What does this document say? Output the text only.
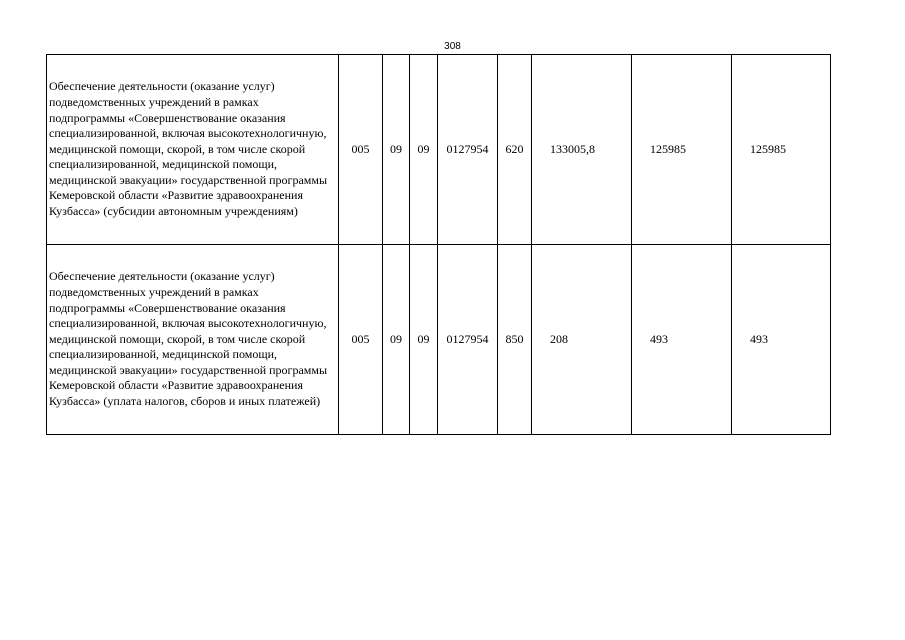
308
Обеспечение деятельности (оказание услуг) подведомственных учреждений в рамках подпрограммы «Совершенствование оказания специализированной, включая высокотехнологичную, медицинской помощи, скорой, в том числе скорой специализированной, медицинской помощи, медицинской эвакуации» государственной программы Кемеровской области «Развитие здравоохранения Кузбасса» (субсидии автономным учреждениям)	005	09	09	0127954	620	133005,8	125985	125985

Обеспечение деятельности (оказание услуг) подведомственных учреждений в рамках подпрограммы «Совершенствование оказания специализированной, включая высокотехнологичную, медицинской помощи, скорой, в том числе скорой специализированной, медицинской помощи, медицинской эвакуации» государственной программы Кемеровской области «Развитие здравоохранения Кузбасса» (уплата налогов, сборов и иных платежей)	005	09	09	0127954	850	208	493	493
